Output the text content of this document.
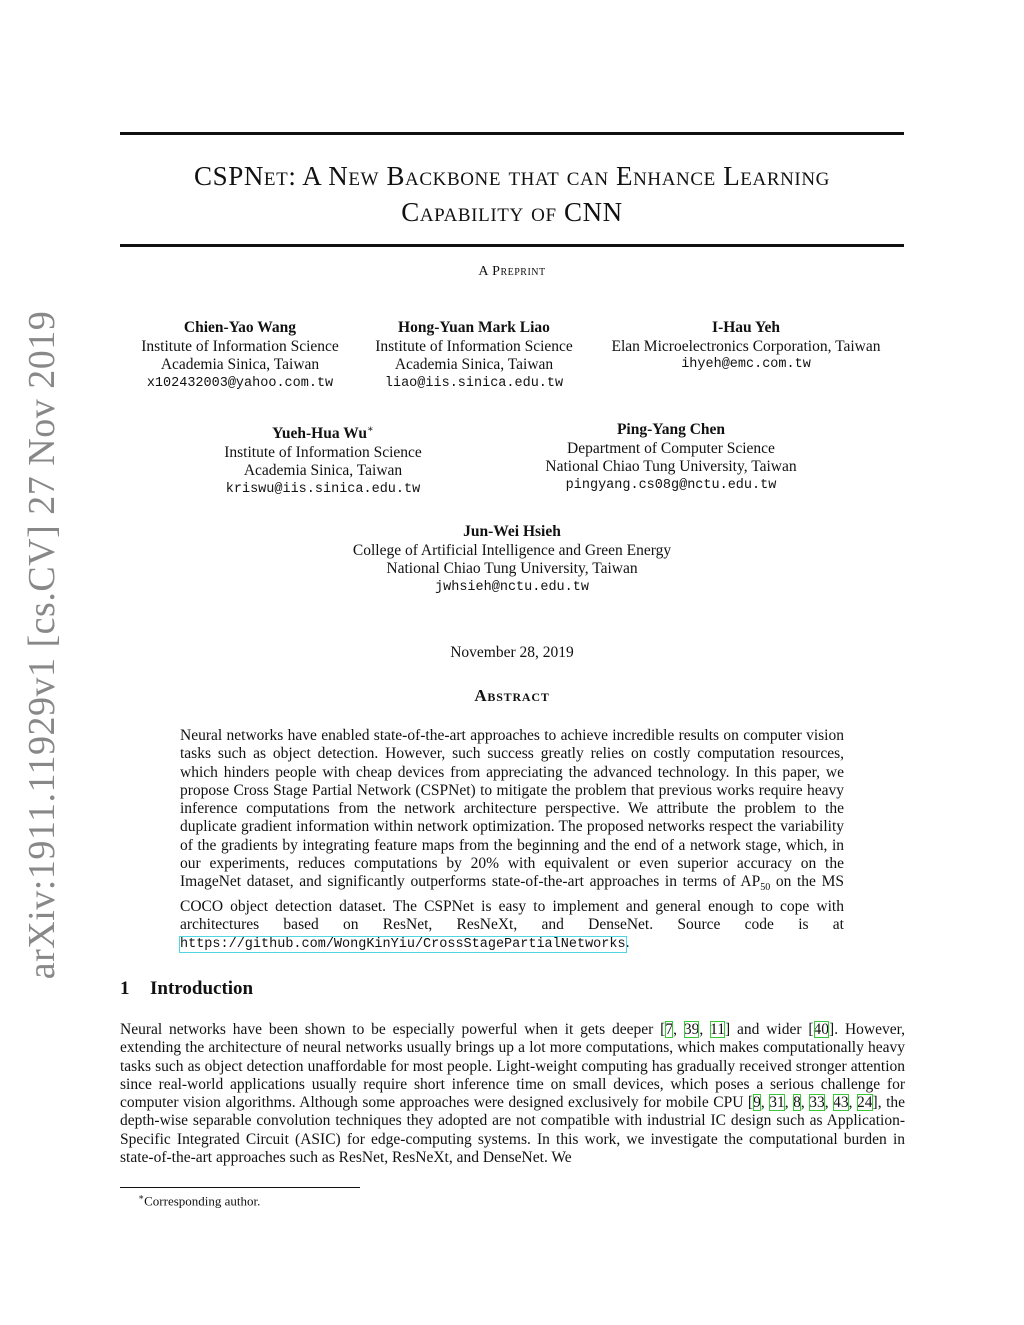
arXiv:1911.11929v1 [cs.CV] 27 Nov 2019
CSPNet: A New Backbone that can Enhance Learning
Capability of CNN
A Preprint
Chien-Yao Wang
Institute of Information Science
Academia Sinica, Taiwan
x102432003@yahoo.com.tw
Hong-Yuan Mark Liao
Institute of Information Science
Academia Sinica, Taiwan
liao@iis.sinica.edu.tw
I-Hau Yeh
Elan Microelectronics Corporation, Taiwan
ihyeh@emc.com.tw
Yueh-Hua Wu∗
Institute of Information Science
Academia Sinica, Taiwan
kriswu@iis.sinica.edu.tw
Ping-Yang Chen
Department of Computer Science
National Chiao Tung University, Taiwan
pingyang.cs08g@nctu.edu.tw
Jun-Wei Hsieh
College of Artificial Intelligence and Green Energy
National Chiao Tung University, Taiwan
jwhsieh@nctu.edu.tw
November 28, 2019
Abstract

Neural networks have enabled state-of-the-art approaches to achieve incredible results on computer vision tasks such as object detection. However, such success greatly relies on costly computation resources, which hinders people with cheap devices from appreciating the advanced technology. In this paper, we propose Cross Stage Partial Network (CSPNet) to mitigate the problem that previous works require heavy inference computations from the network architecture perspective. We attribute the problem to the duplicate gradient information within network optimization. The proposed networks respect the variability of the gradients by integrating feature maps from the beginning and the end of a network stage, which, in our experiments, reduces computations by 20% with equivalent or even superior accuracy on the ImageNet dataset, and significantly outperforms state-of-the-art approaches in terms of $AP_{50}$ on the MS COCO object detection dataset. The CSPNet is easy to implement and general enough to cope with architectures based on ResNet, ResNeXt, and DenseNet. Source code is at https://github.com/WongKinYiu/CrossStagePartialNetworks.

1 Introduction

Neural networks have been shown to be especially powerful when it gets deeper [7, 39, 11] and wider [40]. However, extending the architecture of neural networks usually brings up a lot more computations, which makes computationally heavy tasks such as object detection unaffordable for most people. Light-weight computing has gradually received stronger attention since real-world applications usually require short inference time on small devices, which poses a serious challenge for computer vision algorithms. Although some approaches were designed exclusively for mobile CPU [9, 31, 8, 33, 43, 24], the depth-wise separable convolution techniques they adopted are not compatible with industrial IC design such as Application-Specific Integrated Circuit (ASIC) for edge-computing systems. In this work, we investigate the computational burden in state-of-the-art approaches such as ResNet, ResNeXt, and DenseNet. We

∗Corresponding author.
